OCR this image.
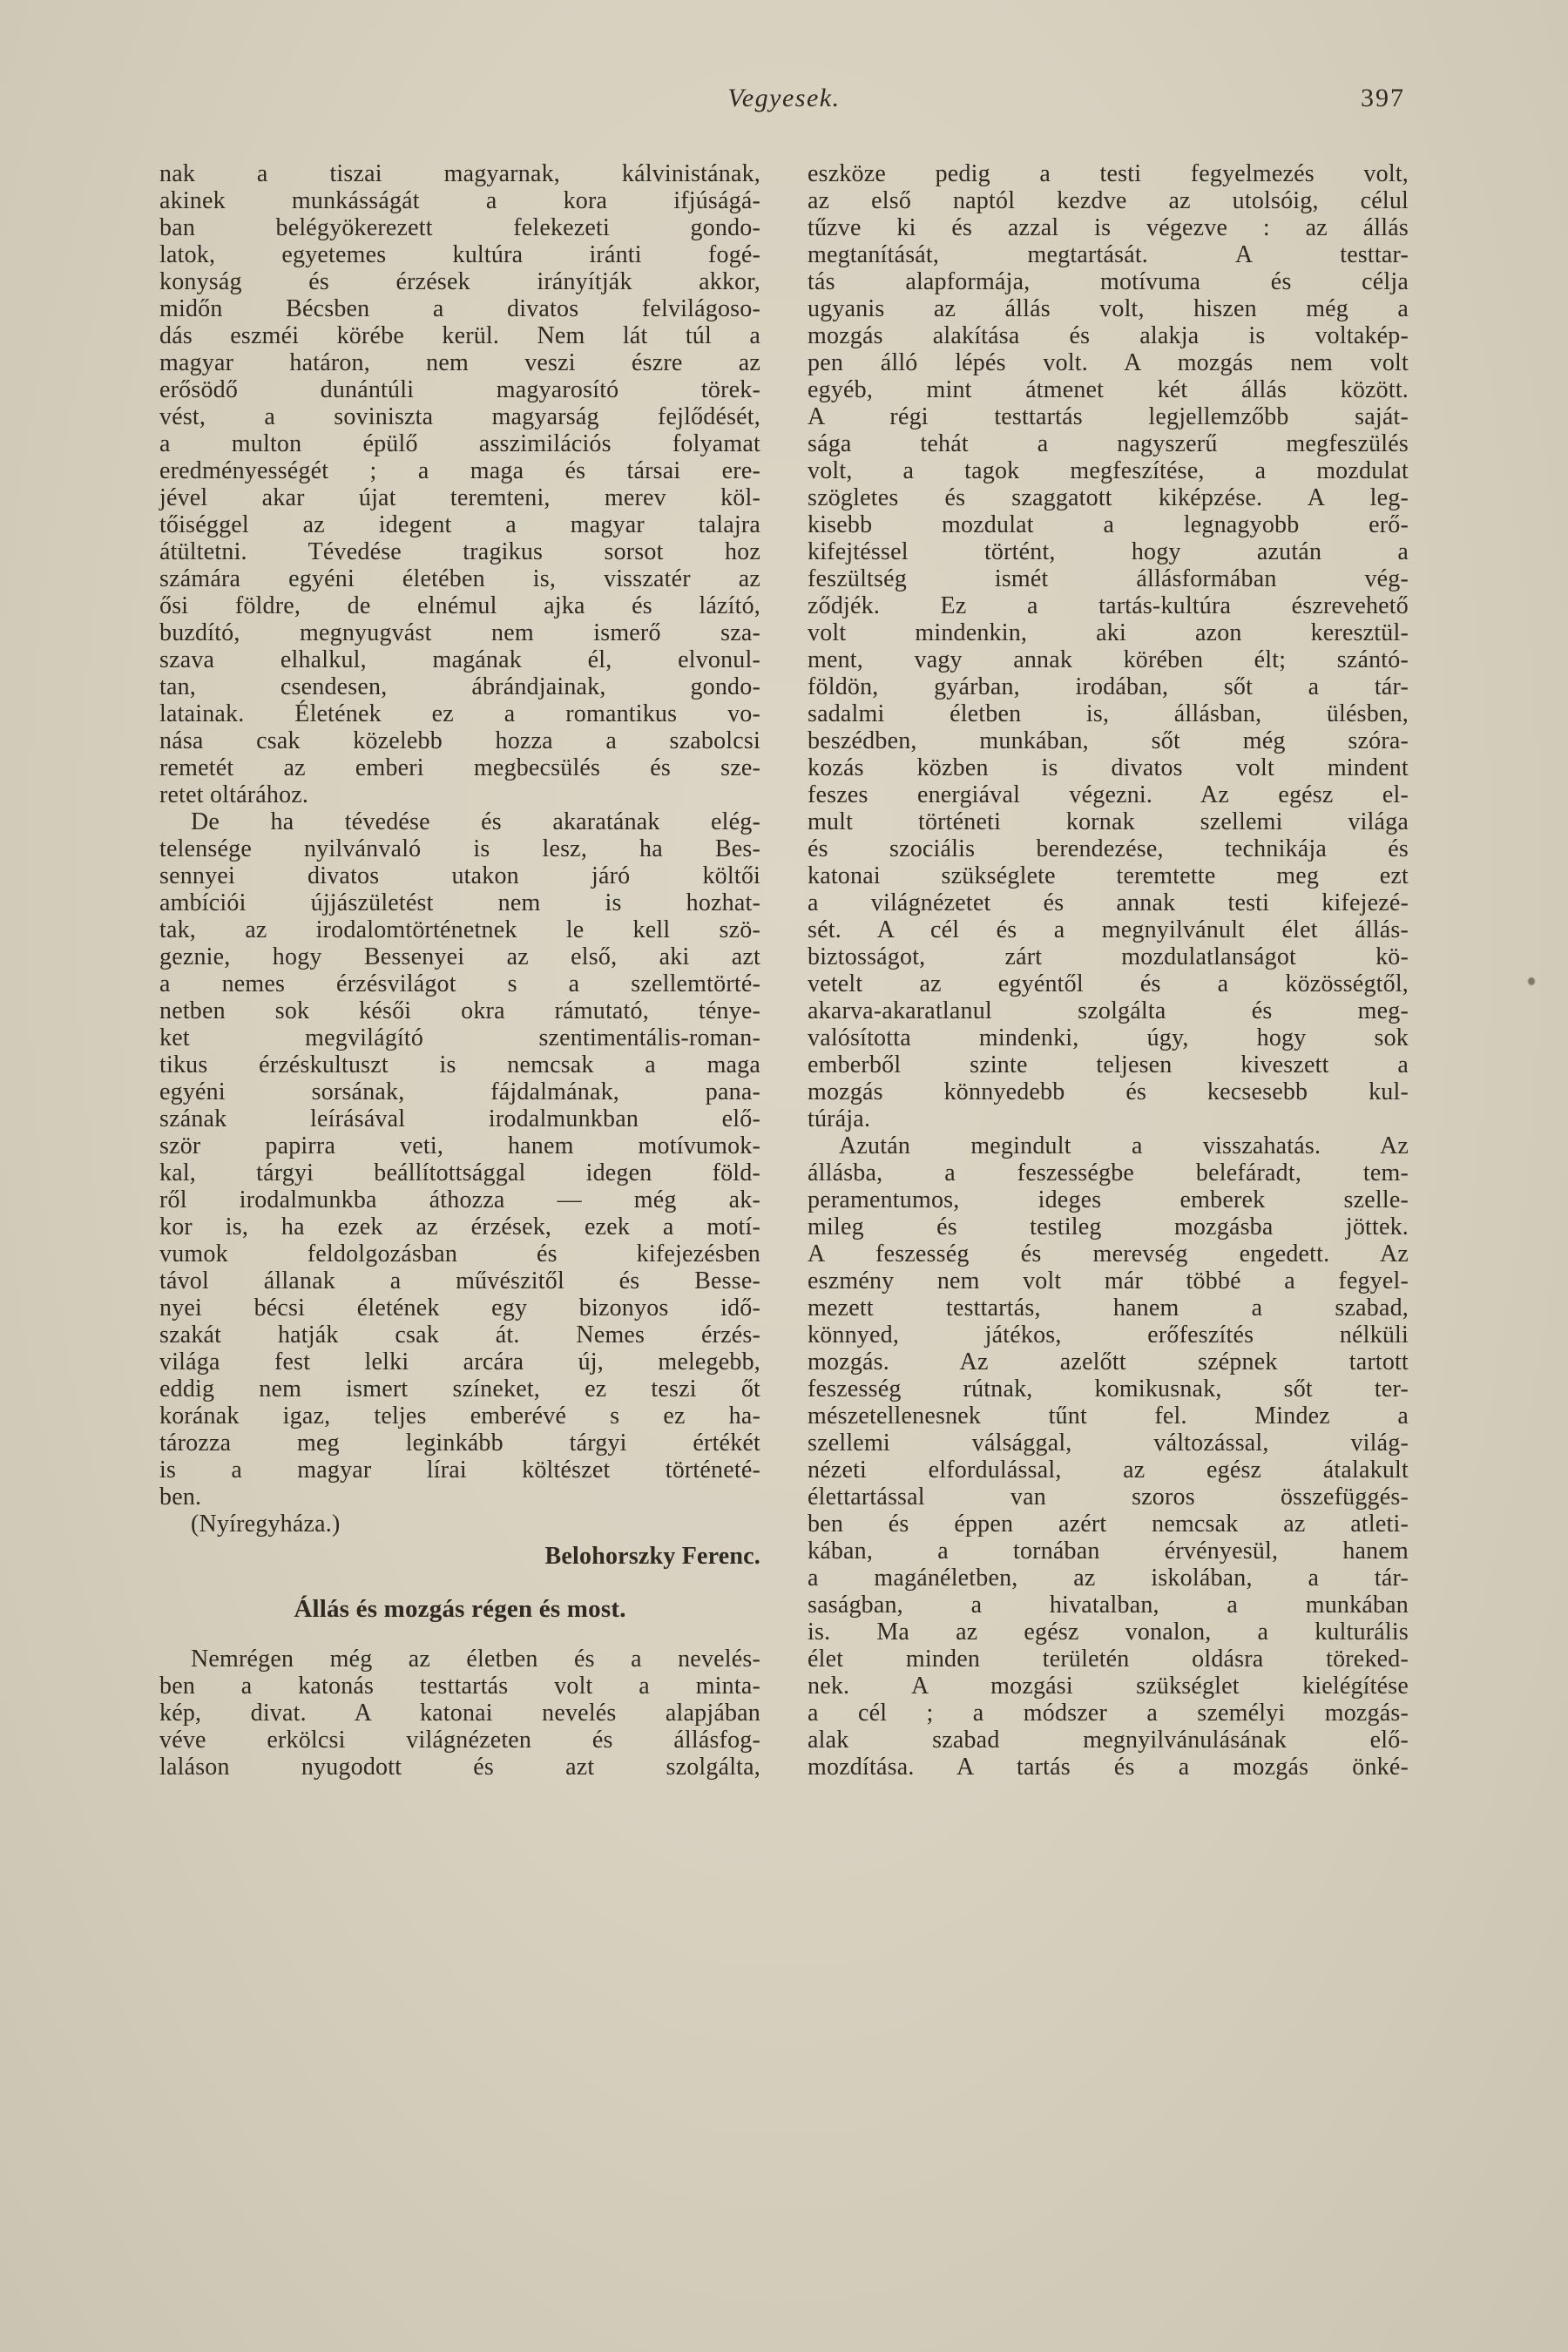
Vegyesek.	397
nak a tiszai magyarnak, kálvinistának,
akinek munkásságát a kora ifjúságá-
ban belégyökerezett felekezeti gondo-
latok, egyetemes kultúra iránti fogé-
konyság és érzések irányítják akkor,
midőn Bécsben a divatos felvilágoso-
dás eszméi körébe kerül. Nem lát túl a
magyar határon, nem veszi észre az
erősödő dunántúli magyarosító törek-
vést, a soviniszta magyarság fejlődését,
a multon épülő asszimilációs folyamat
eredményességét ; a maga és társai ere-
jével akar újat teremteni, merev köl-
tőiséggel az idegent a magyar talajra
átültetni. Tévedése tragikus sorsot hoz
számára egyéni életében is, visszatér az
ősi földre, de elnémul ajka és lázító,
buzdító, megnyugvást nem ismerő sza-
szava elhalkul, magának él, elvonul-
tan, csendesen, ábrándjainak, gondo-
latainak. Életének ez a romantikus vo-
nása csak közelebb hozza a szabolcsi
remetét az emberi megbecsülés és sze-
retet oltárához.
De ha tévedése és akaratának elég-
telensége nyilvánvaló is lesz, ha Bes-
sennyei divatos utakon járó költői
ambíciói újjászületést nem is hozhat-
tak, az irodalomtörténetnek le kell szö-
geznie, hogy Bessenyei az első, aki azt
a nemes érzésvilágot s a szellemtörté-
netben sok késői okra rámutató, ténye-
ket megvilágító szentimentális-roman-
tikus érzéskultuszt is nemcsak a maga
egyéni sorsának, fájdalmának, pana-
szának leírásával irodalmunkban elő-
ször papirra veti, hanem motívumok-
kal, tárgyi beállítottsággal idegen föld-
ről irodalmunkba áthozza — még ak-
kor is, ha ezek az érzések, ezek a motí-
vumok feldolgozásban és kifejezésben
távol állanak a művészitől és Besse-
nyei bécsi életének egy bizonyos idő-
szakát hatják csak át. Nemes érzés-
világa fest lelki arcára új, melegebb,
eddig nem ismert színeket, ez teszi őt
korának igaz, teljes emberévé s ez ha-
tározza meg leginkább tárgyi értékét
is a magyar lírai költészet történeté-
ben.
(Nyíregyháza.)
Belohorszky Ferenc.
Állás és mozgás régen és most.
Nemrégen még az életben és a nevelés-
ben a katonás testtartás volt a minta-
kép, divat. A katonai nevelés alapjában
véve erkölcsi világnézeten és állásfog-
laláson nyugodott és azt szolgálta,
eszköze pedig a testi fegyelmezés volt,
az első naptól kezdve az utolsóig, célul
tűzve ki és azzal is végezve : az állás
megtanítását, megtartását. A testtar-
tás alapformája, motívuma és célja
ugyanis az állás volt, hiszen még a
mozgás alakítása és alakja is voltakép-
pen álló lépés volt. A mozgás nem volt
egyéb, mint átmenet két állás között.
A régi testtartás legjellemzőbb saját-
sága tehát a nagyszerű megfeszülés
volt, a tagok megfeszítése, a mozdulat
szögletes és szaggatott kiképzése. A leg-
kisebb mozdulat a legnagyobb erő-
kifejtéssel történt, hogy azután a
feszültség ismét állásformában vég-
ződjék. Ez a tartás-kultúra észrevehető
volt mindenkin, aki azon keresztül-
ment, vagy annak körében élt; szántó-
földön, gyárban, irodában, sőt a tár-
sadalmi életben is, állásban, ülésben,
beszédben, munkában, sőt még szóra-
kozás közben is divatos volt mindent
feszes energiával végezni. Az egész el-
mult történeti kornak szellemi világa
és szociális berendezése, technikája és
katonai szükséglete teremtette meg ezt
a világnézetet és annak testi kifejezé-
sét. A cél és a megnyilvánult élet állás-
biztosságot, zárt mozdulatlanságot kö-
vetelt az egyéntől és a közösségtől,
akarva-akaratlanul szolgálta és meg-
valósította mindenki, úgy, hogy sok
emberből szinte teljesen kiveszett a
mozgás könnyedebb és kecsesebb kul-
túrája.
Azután megindult a visszahatás. Az
állásba, a feszességbe belefáradt, tem-
peramentumos, ideges emberek szelle-
mileg és testileg mozgásba jöttek.
A feszesség és merevség engedett. Az
eszmény nem volt már többé a fegyel-
mezett testtartás, hanem a szabad,
könnyed, játékos, erőfeszítés nélküli
mozgás. Az azelőtt szépnek tartott
feszesség rútnak, komikusnak, sőt ter-
mészetellenesnek tűnt fel. Mindez a
szellemi válsággal, változással, világ-
nézeti elfordulással, az egész átalakult
élettartással van szoros összefüggés-
ben és éppen azért nemcsak az atleti-
kában, a tornában érvényesül, hanem
a magánéletben, az iskolában, a tár-
saságban, a hivatalban, a munkában
is. Ma az egész vonalon, a kulturális
élet minden területén oldásra töreked-
nek. A mozgási szükséglet kielégítése
a cél ; a módszer a személyi mozgás-
alak szabad megnyilvánulásának elő-
mozdítása. A tartás és a mozgás önké-
